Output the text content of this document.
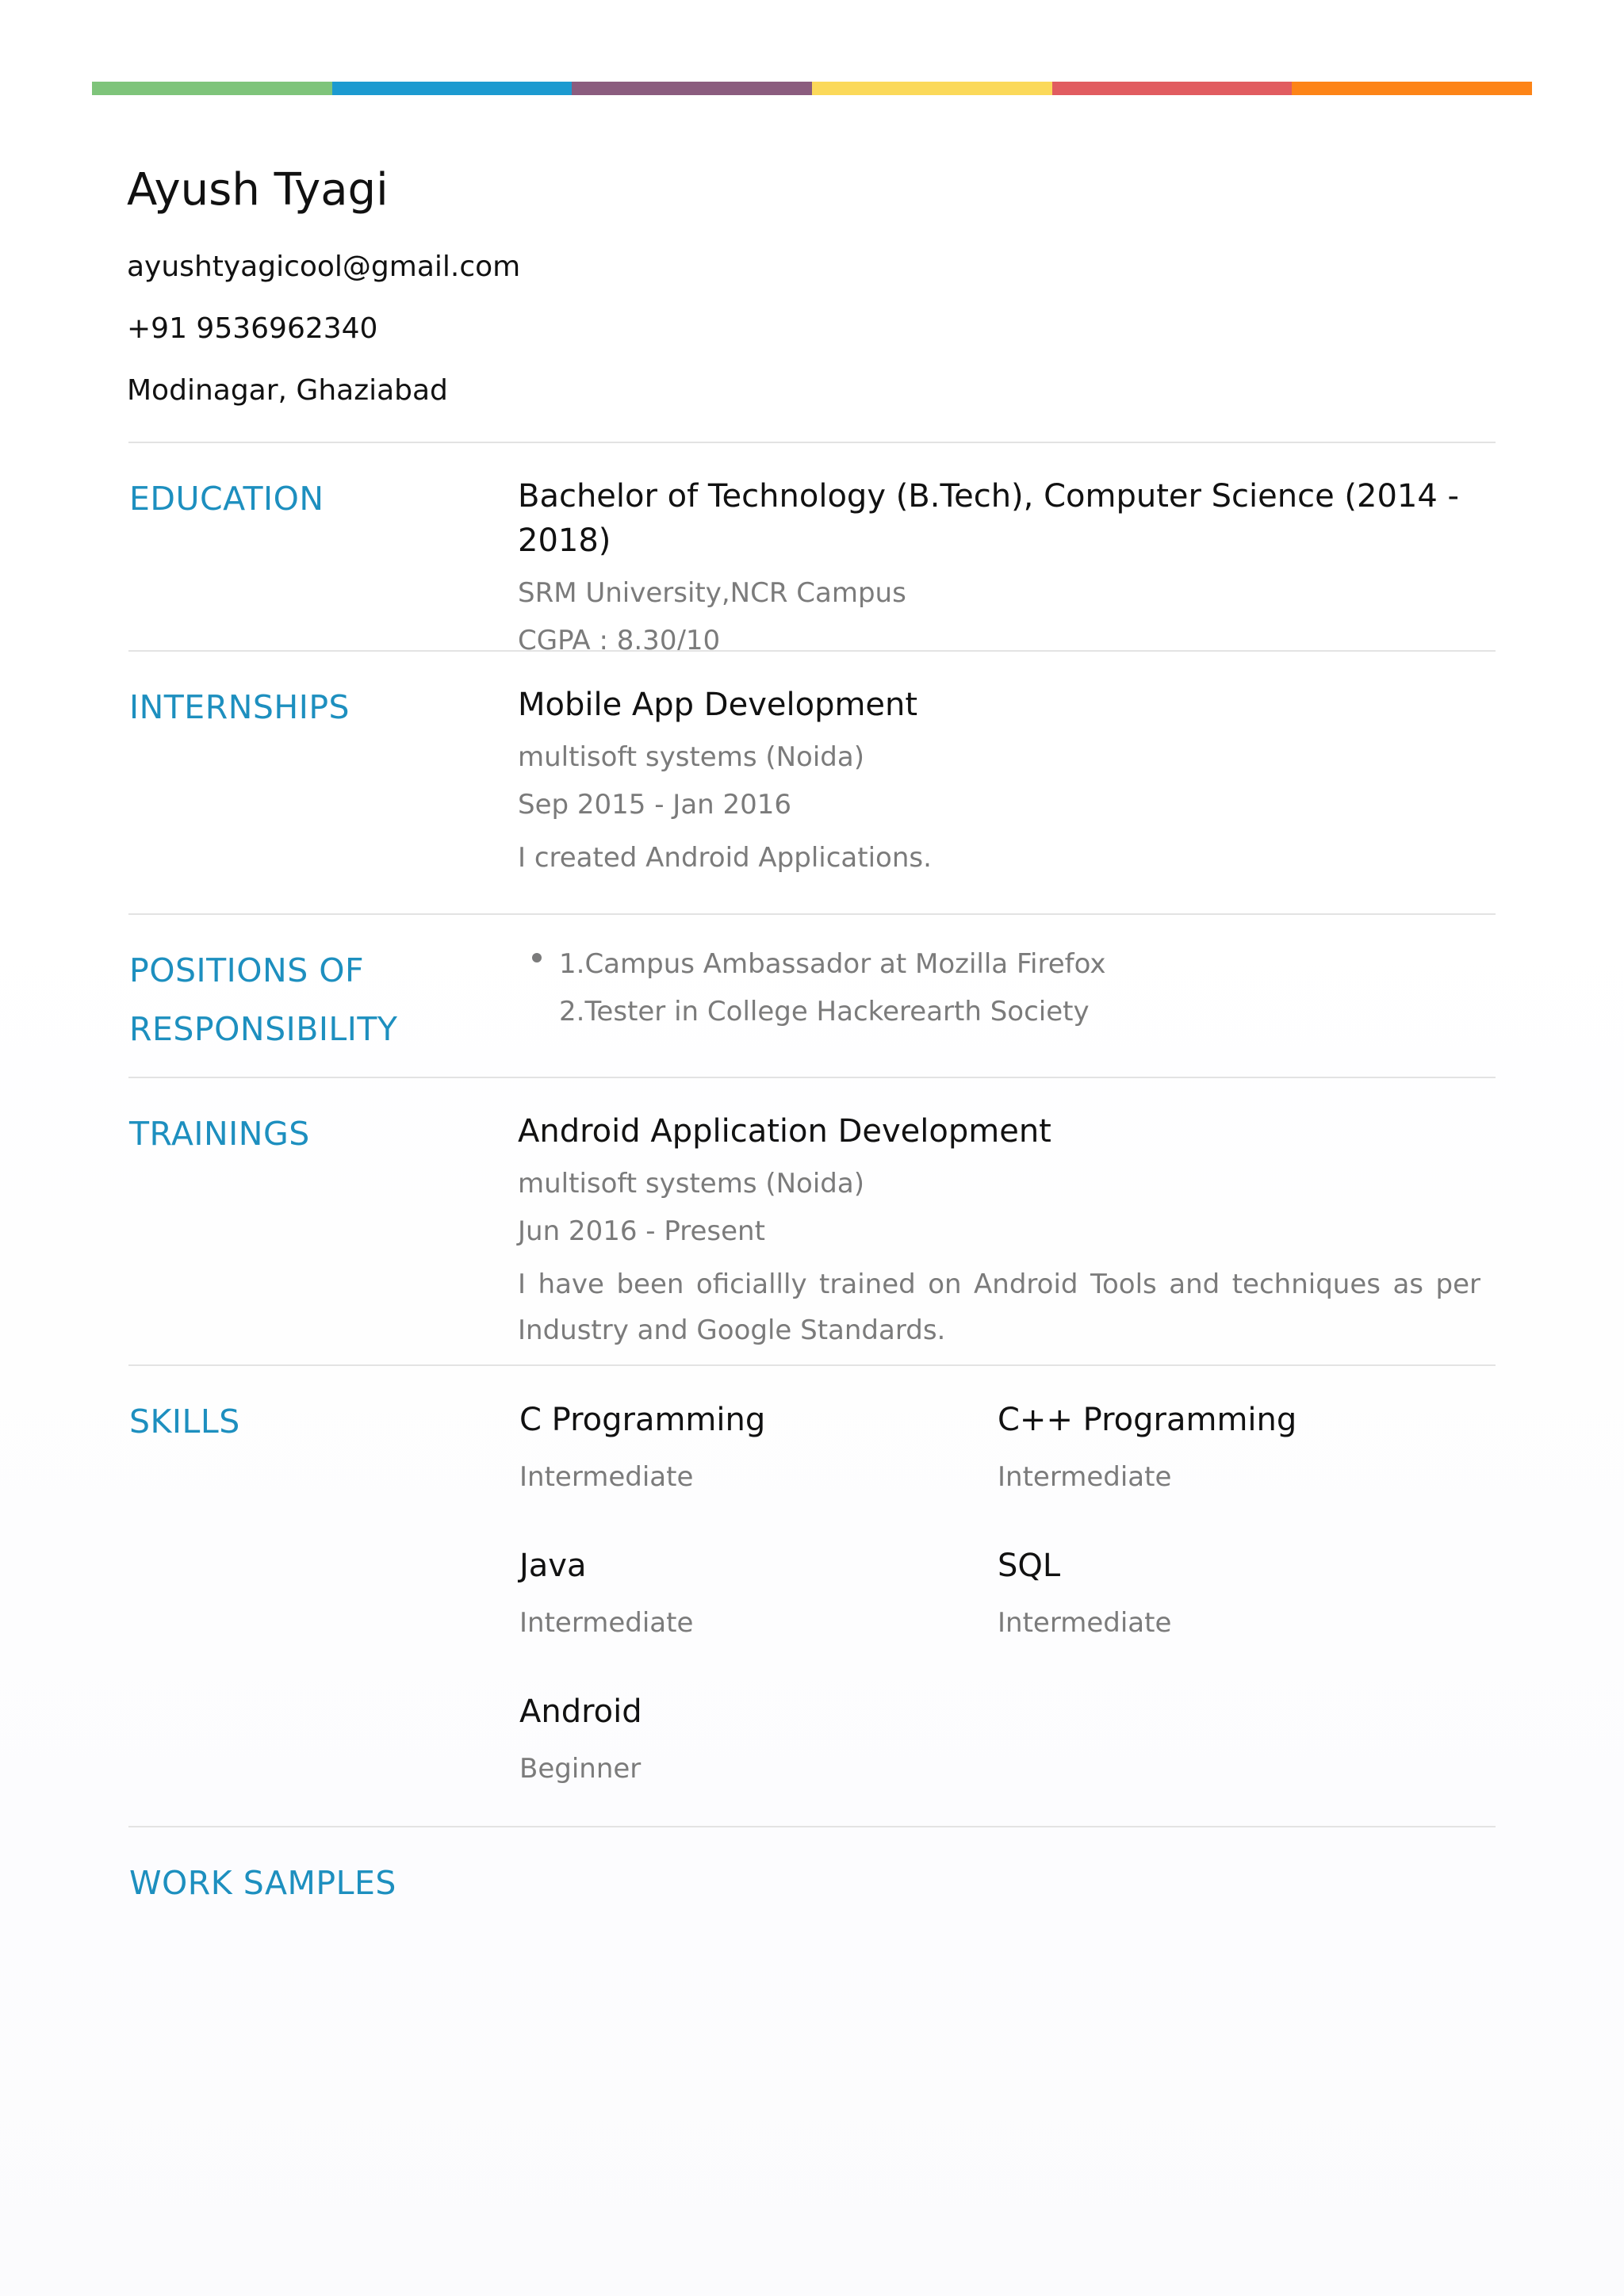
Ayush Tyagi
ayushtyagicool@gmail.com
+91 9536962340
Modinagar, Ghaziabad
EDUCATION	Bachelor of Technology (B.Tech), Computer Science (2014 - 2018)
SRM University,NCR Campus
CGPA : 8.30/10
INTERNSHIPS	Mobile App Development
multisoft systems (Noida)
Sep 2015 - Jan 2016
I created Android Applications.
POSITIONS OF
RESPONSIBILITY
1.Campus Ambassador at Mozilla Firefox
2.Tester in College Hackerearth Society
TRAININGS	Android Application Development
multisoft systems (Noida)
Jun 2016 - Present
I have been oficiallly trained on Android Tools and techniques as per Industry and Google Standards.
SKILLS	C Programming
Intermediate
C++ Programming
Intermediate
Java
Intermediate
SQL
Intermediate
Android
Beginner
WORK SAMPLES
